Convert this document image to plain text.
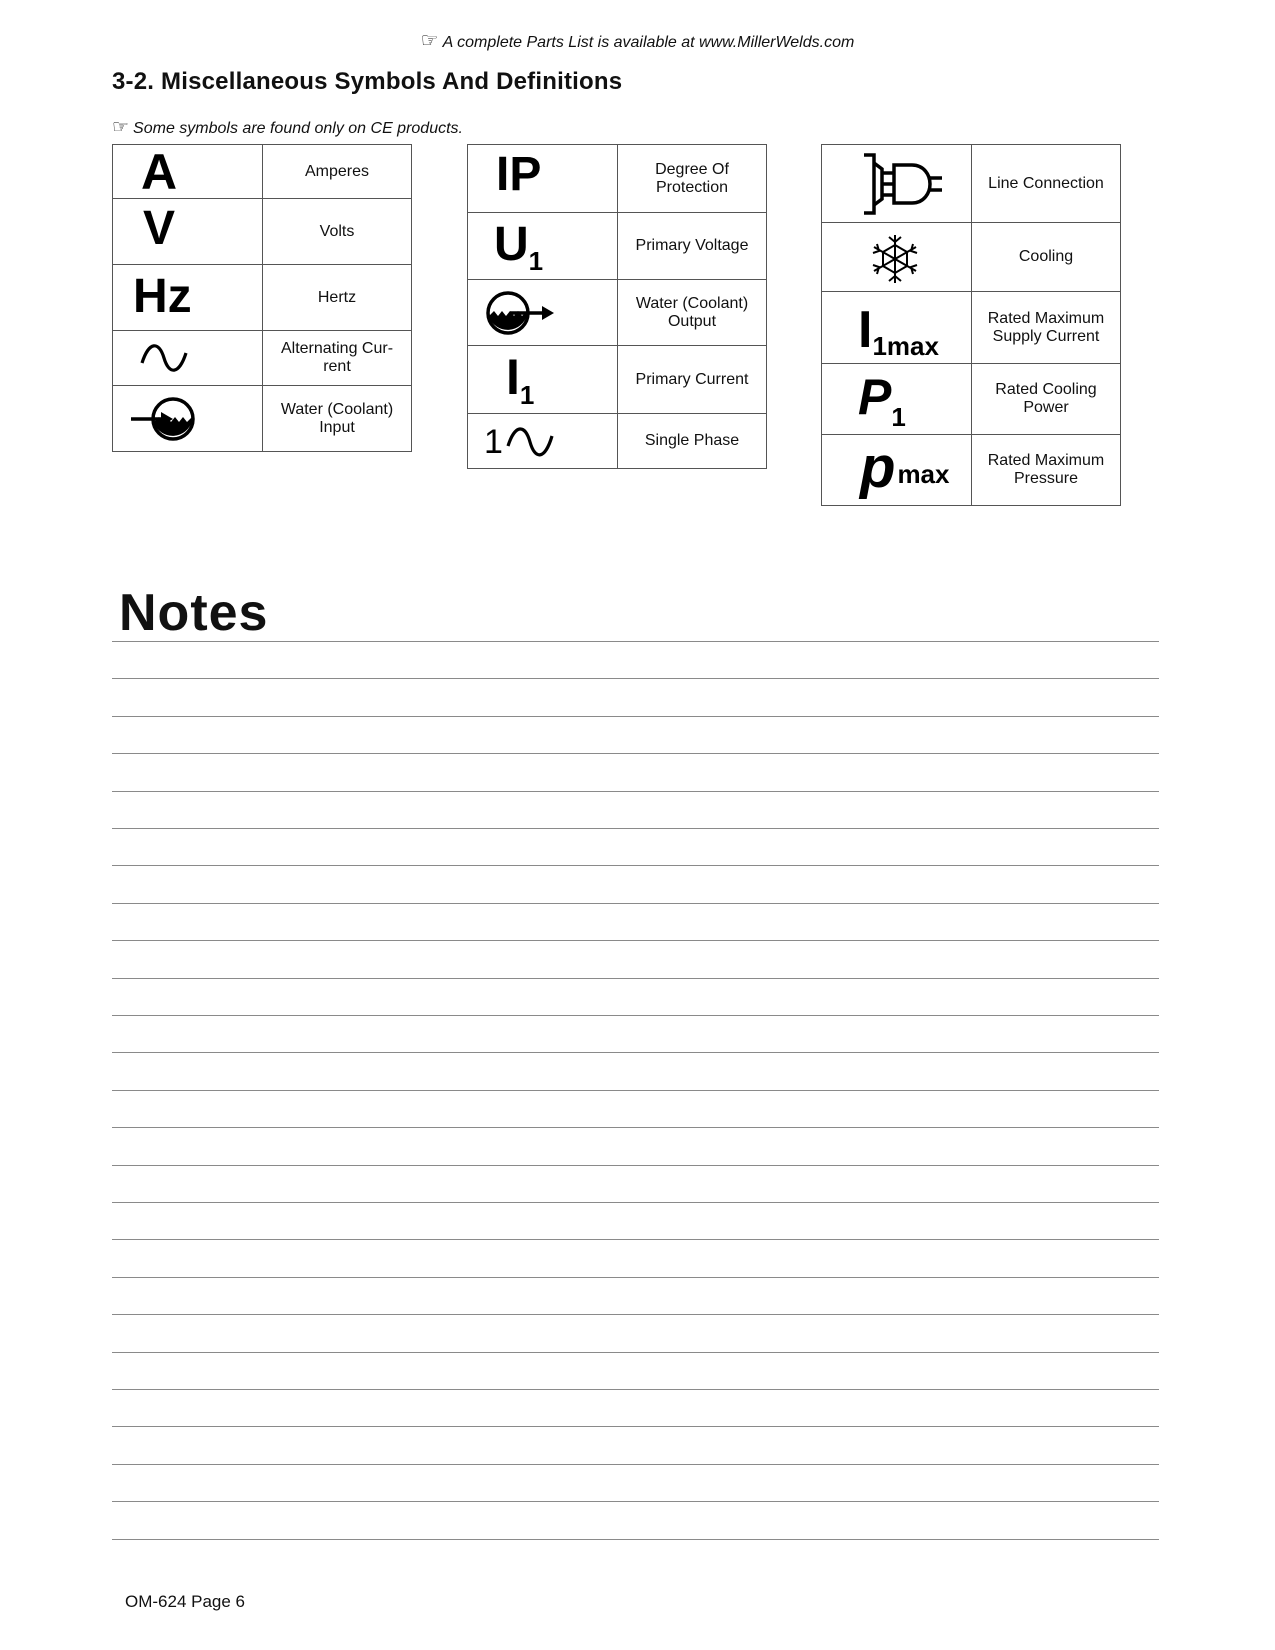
☞ A complete Parts List is available at www.MillerWelds.com
3-2. Miscellaneous Symbols And Definitions
☞ Some symbols are found only on CE products.
A	Amperes

V	Volts

Hz	Hertz

	Alternating Cur-rent

	Water (Coolant) Input
IP	Degree Of Protection

$U_1$	Primary Voltage

	Water (Coolant) Output

$I_1$	Primary Current

1	Single Phase
	Line Connection

	Cooling

I1max	Rated Maximum Supply Current

$P_1$	Rated Cooling Power

pmax	Rated Maximum Pressure
Notes
OM-624 Page 6
